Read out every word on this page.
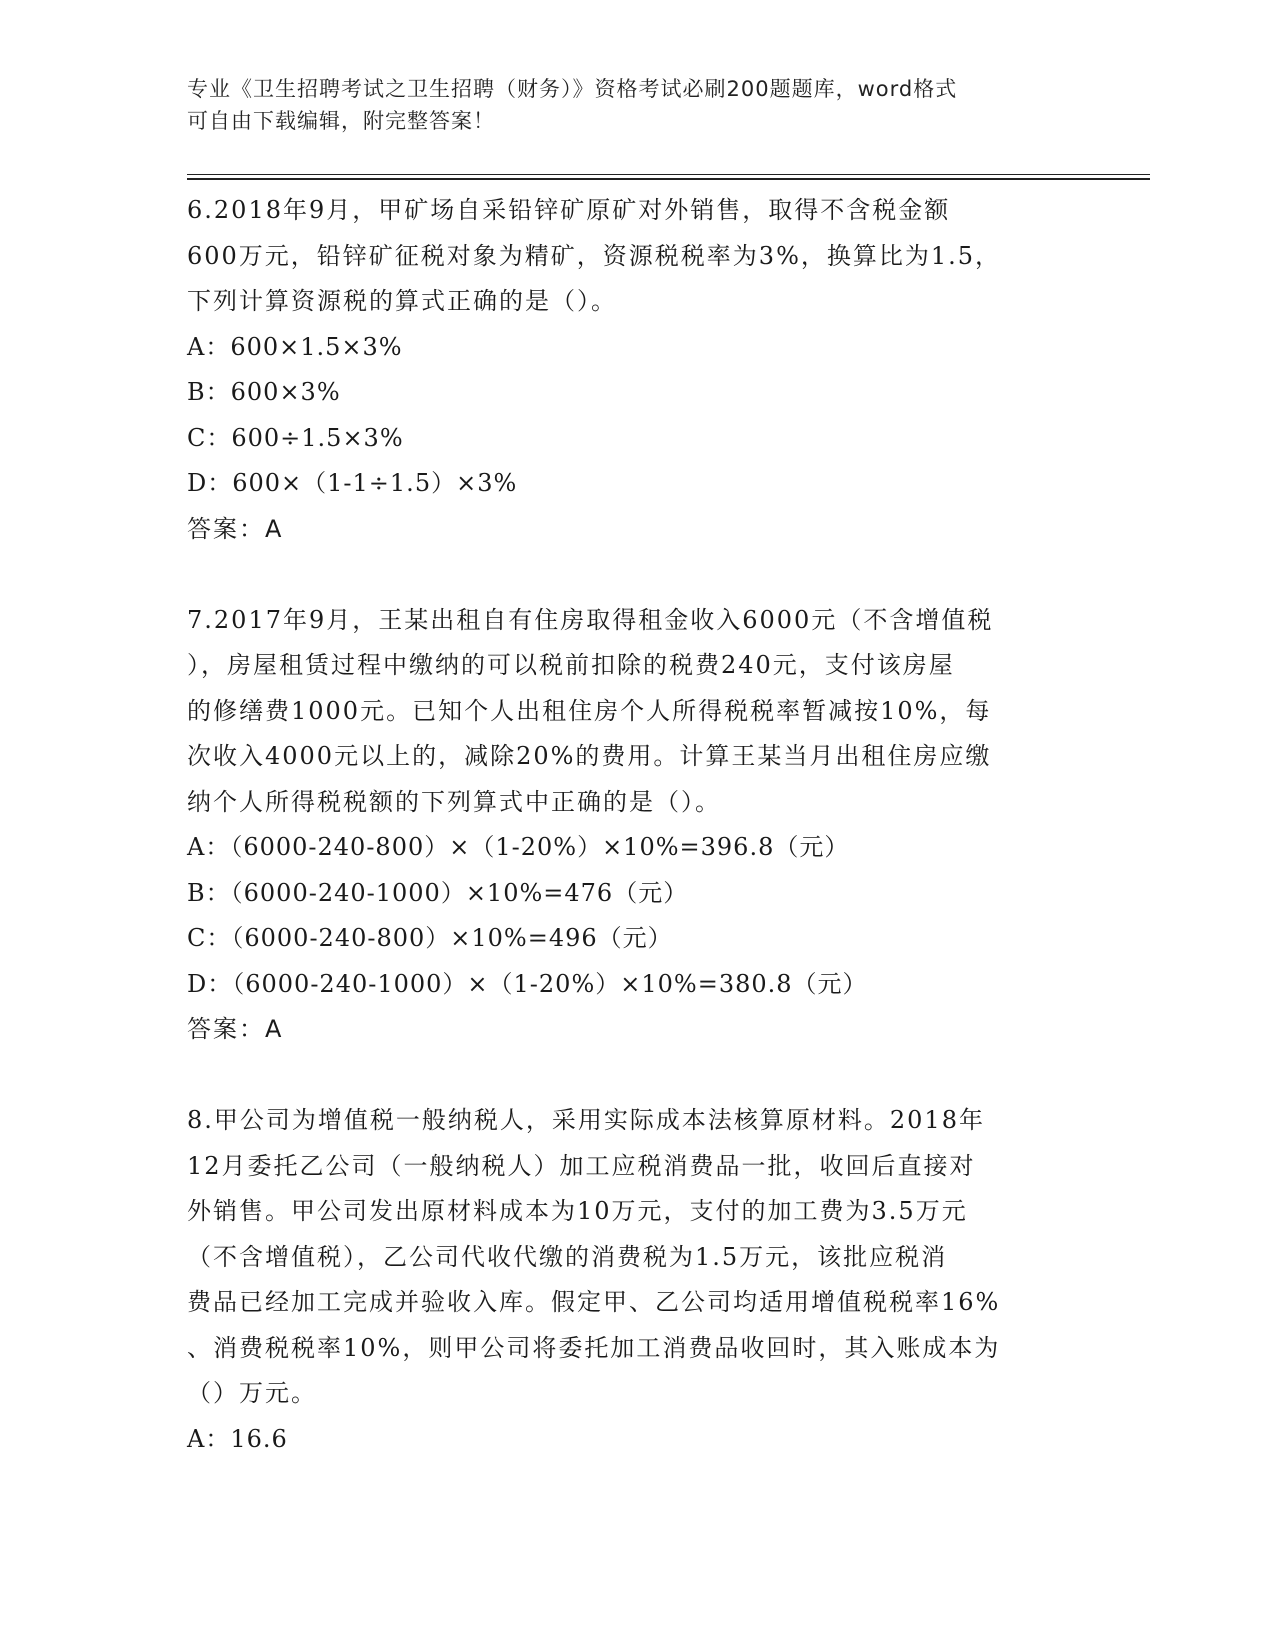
专业《卫生招聘考试之卫生招聘（财务）》资格考试必刷200题题库，word格式
可自由下载编辑，附完整答案！

6.2018年9月，甲矿场自采铅锌矿原矿对外销售，取得不含税金额

600万元，铅锌矿征税对象为精矿，资源税税率为3%，换算比为1.5，

下列计算资源税的算式正确的是（）。

A：600×1.5×3%

B：600×3%

C：600÷1.5×3%

D：600×（1-1÷1.5）×3%

答案：A

7.2017年9月，王某出租自有住房取得租金收入6000元（不含增值税

），房屋租赁过程中缴纳的可以税前扣除的税费240元，支付该房屋

的修缮费1000元。已知个人出租住房个人所得税税率暂减按10%，每

次收入4000元以上的，减除20%的费用。计算王某当月出租住房应缴

纳个人所得税税额的下列算式中正确的是（）。

A：（6000-240-800）×（1-20%）×10%=396.8（元）

B：（6000-240-1000）×10%=476（元）

C：（6000-240-800）×10%=496（元）

D：（6000-240-1000）×（1-20%）×10%=380.8（元）

答案：A

8.甲公司为增值税一般纳税人，采用实际成本法核算原材料。2018年

12月委托乙公司（一般纳税人）加工应税消费品一批，收回后直接对

外销售。甲公司发出原材料成本为10万元，支付的加工费为3.5万元

（不含增值税），乙公司代收代缴的消费税为1.5万元，该批应税消

费品已经加工完成并验收入库。假定甲、乙公司均适用增值税税率16%

、消费税税率10%，则甲公司将委托加工消费品收回时，其入账成本为

（）万元。

A：16.6
